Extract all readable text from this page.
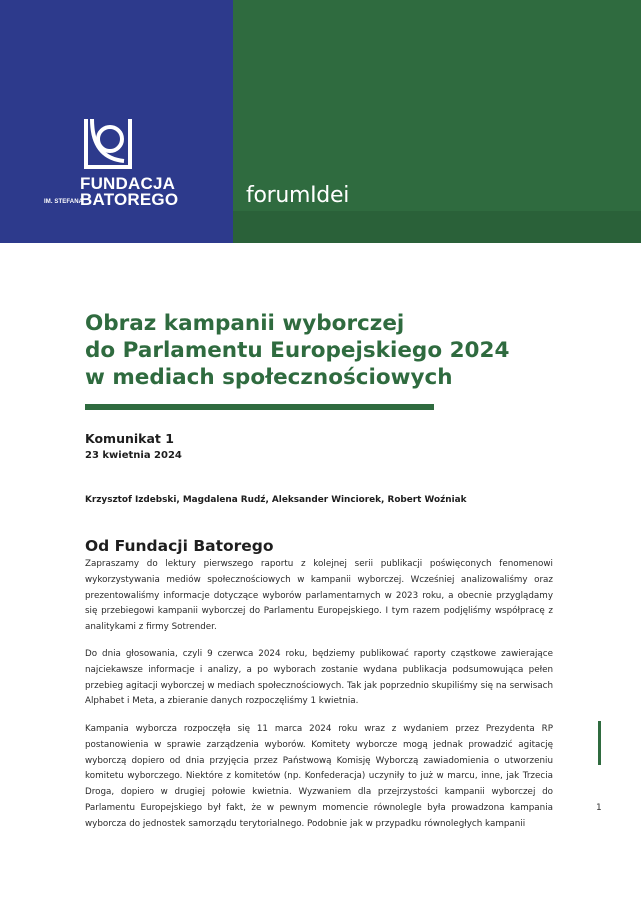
FUNDACJA
BATOREGO
IM. STEFANA	forumIdei
Obraz kampanii wyborczej
do Parlamentu Europejskiego 2024
w mediach społecznościowych
Komunikat 1
23 kwietnia 2024
Krzysztof Izdebski, Magdalena Rudź, Aleksander Winciorek, Robert Woźniak
Od Fundacji Batorego

Zapraszamy do lektury pierwszego raportu z kolejnej serii publikacji poświęconych fenomenowi wykorzystywania mediów społecznościowych w kampanii wyborczej. Wcześniej analizowaliśmy oraz prezentowaliśmy informacje dotyczące wyborów parlamentarnych w 2023 roku, a obecnie przyglądamy się przebiegowi kampanii wyborczej do Parlamentu Europejskiego. I tym razem podjęliśmy współpracę z analitykami z firmy Sotrender.

Do dnia głosowania, czyli 9 czerwca 2024 roku, będziemy publikować raporty cząstkowe zawierające najciekawsze informacje i analizy, a po wyborach zostanie wydana publikacja podsumowująca pełen przebieg agitacji wyborczej w mediach społecznościowych. Tak jak poprzednio skupiliśmy się na serwisach Alphabet i Meta, a zbieranie danych rozpoczęliśmy 1 kwietnia.

Kampania wyborcza rozpoczęła się 11 marca 2024 roku wraz z wydaniem przez Prezydenta RP postanowienia w sprawie zarządzenia wyborów. Komitety wyborcze mogą jednak prowadzić agitację wyborczą dopiero od dnia przyjęcia przez Państwową Komisję Wyborczą zawiadomienia o utworzeniu komitetu wyborczego. Niektóre z komitetów (np. Konfederacja) uczyniły to już w marcu, inne, jak Trzecia Droga, dopiero w drugiej połowie kwietnia. Wyzwaniem dla przejrzystości kampanii wyborczej do Parlamentu Europejskiego był fakt, że w pewnym momencie równolegle była prowadzona kampania wyborcza do jednostek samorządu terytorialnego. Podobnie jak w przypadku równoległych kampanii

1
